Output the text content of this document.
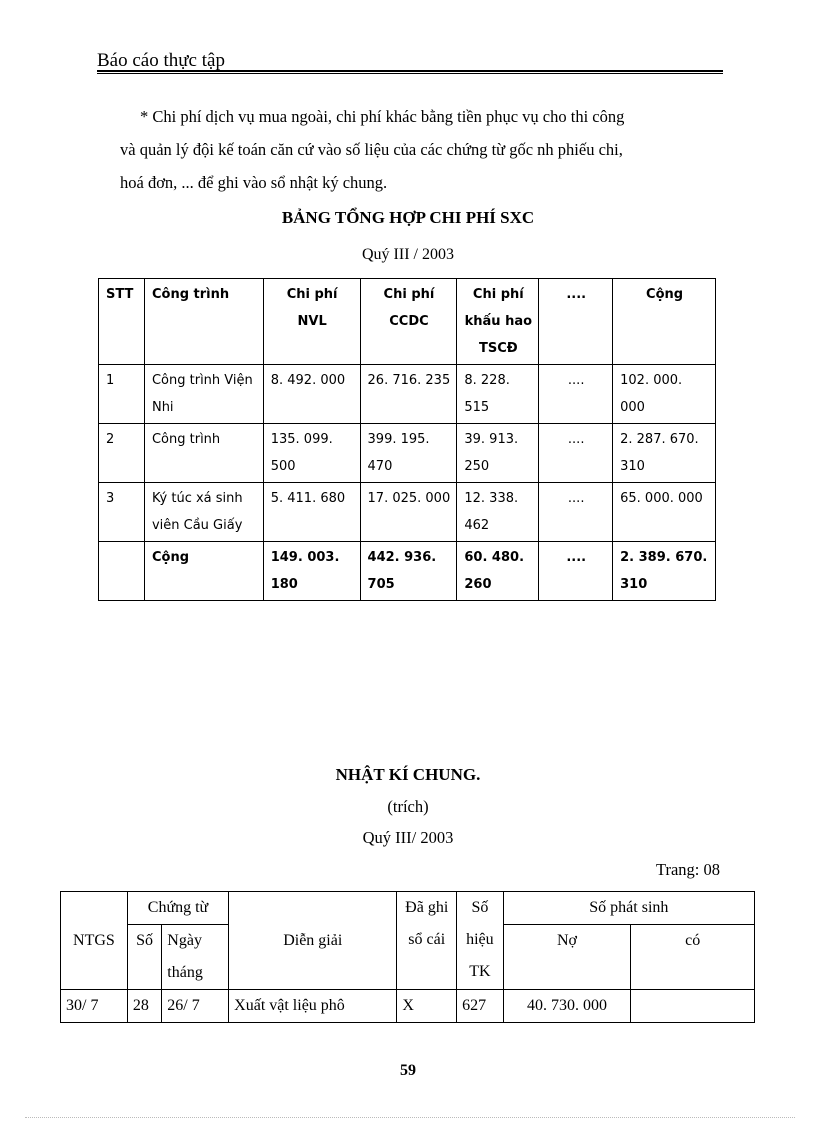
Báo cáo thực tập

* Chi phí dịch vụ mua ngoài, chi phí khác bằng tiền phục vụ cho thi công

và quản lý đội kế toán căn cứ vào số liệu của các chứng từ gốc nh phiếu chi,

hoá đơn, ... để ghi vào sổ nhật ký chung.

BẢNG TỔNG HỢP CHI PHÍ SXC
Quý III / 2003
STT	Công trình	Chi phí NVL	Chi phí CCDC	Chi phí khấu hao TSCĐ	....	Cộng
1	Công trình Viện Nhi	8. 492. 000	26. 716. 235	8. 228. 515	....	102. 000. 000
2	Công trình	135. 099. 500	399. 195. 470	39. 913. 250	....	2. 287. 670. 310
3	Ký túc xá sinh viên Cầu Giấy	5. 411. 680	17. 025. 000	12. 338. 462	....	65. 000. 000
	Cộng	149. 003. 180	442. 936. 705	60. 480. 260	....	2. 389. 670. 310
NHẬT KÍ CHUNG.
(trích)
Quý III/ 2003
Trang: 08
NTGS	Chứng từ		Diễn giải	Đã ghi sổ cái	Số hiệu TK	Số phát sinh	
	Số	Ngày tháng				Nợ	có

30/ 7	28	26/ 7	Xuất vật liệu phô	X	627	40. 730. 000	
59
